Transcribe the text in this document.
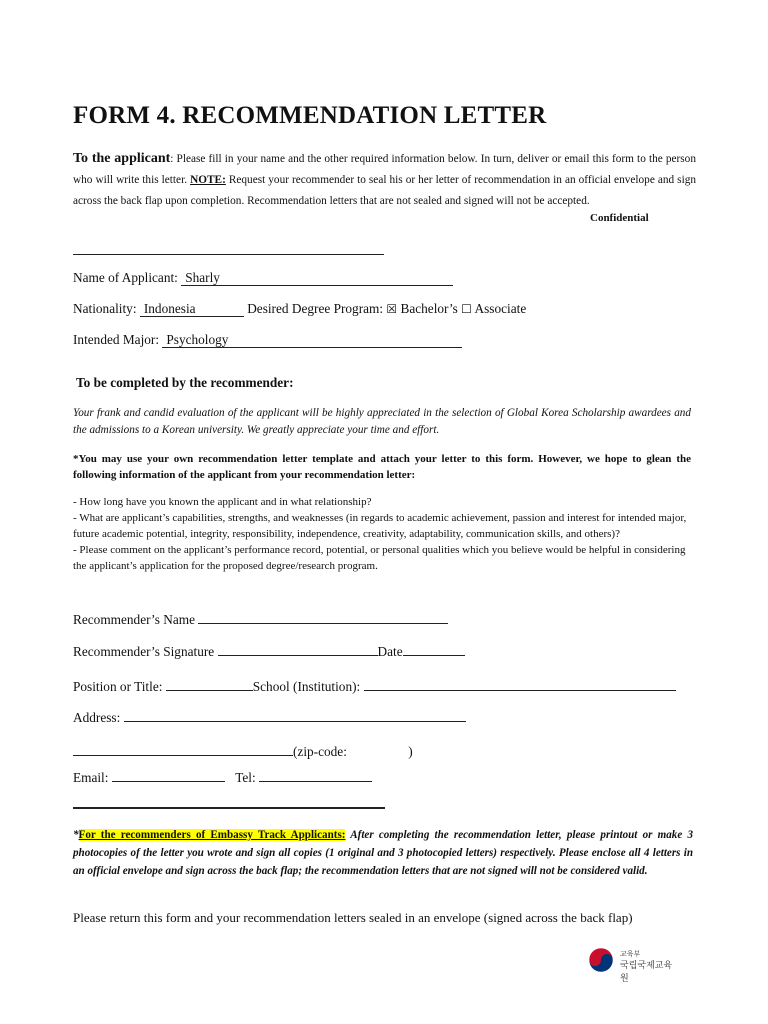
FORM 4. RECOMMENDATION LETTER
To the applicant: Please fill in your name and the other required information below. In turn, deliver or email this form to the person who will write this letter. NOTE: Request your recommender to seal his or her letter of recommendation in an official envelope and sign across the back flap upon completion. Recommendation letters that are not sealed and signed will not be accepted.
Confidential
Name of Applicant: Sharly
Nationality: Indonesia	Desired Degree Program: ☒ Bachelor’s ☐ Associate
Intended Major: Psychology
To be completed by the recommender:
Your frank and candid evaluation of the applicant will be highly appreciated in the selection of Global Korea Scholarship awardees and the admissions to a Korean university. We greatly appreciate your time and effort.
*You may use your own recommendation letter template and attach your letter to this form. However, we hope to glean the following information of the applicant from your recommendation letter:
- How long have you known the applicant and in what relationship?
- What are applicant’s capabilities, strengths, and weaknesses (in regards to academic achievement, passion and interest for intended major, future academic potential, integrity, responsibility, independence, creativity, adaptability, communication skills, and others)?
- Please comment on the applicant’s performance record, potential, or personal qualities which you believe would be helpful in considering the applicant’s application for the proposed degree/research program.
Recommender’s Name
Recommender’s Signature	Date
Position or Title:	School (Institution):
Address:
(zip-code:	)
Email:	Tel:
*For the recommenders of Embassy Track Applicants: After completing the recommendation letter, please printout or make 3 photocopies of the letter you wrote and sign all copies (1 original and 3 photocopied letters) respectively. Please enclose all 4 letters in an official envelope and sign across the back flap; the recommendation letters that are not signed will not be considered valid.
Please return this form and your recommendation letters sealed in an envelope (signed across the back flap)
교육부
국립국제교육원
